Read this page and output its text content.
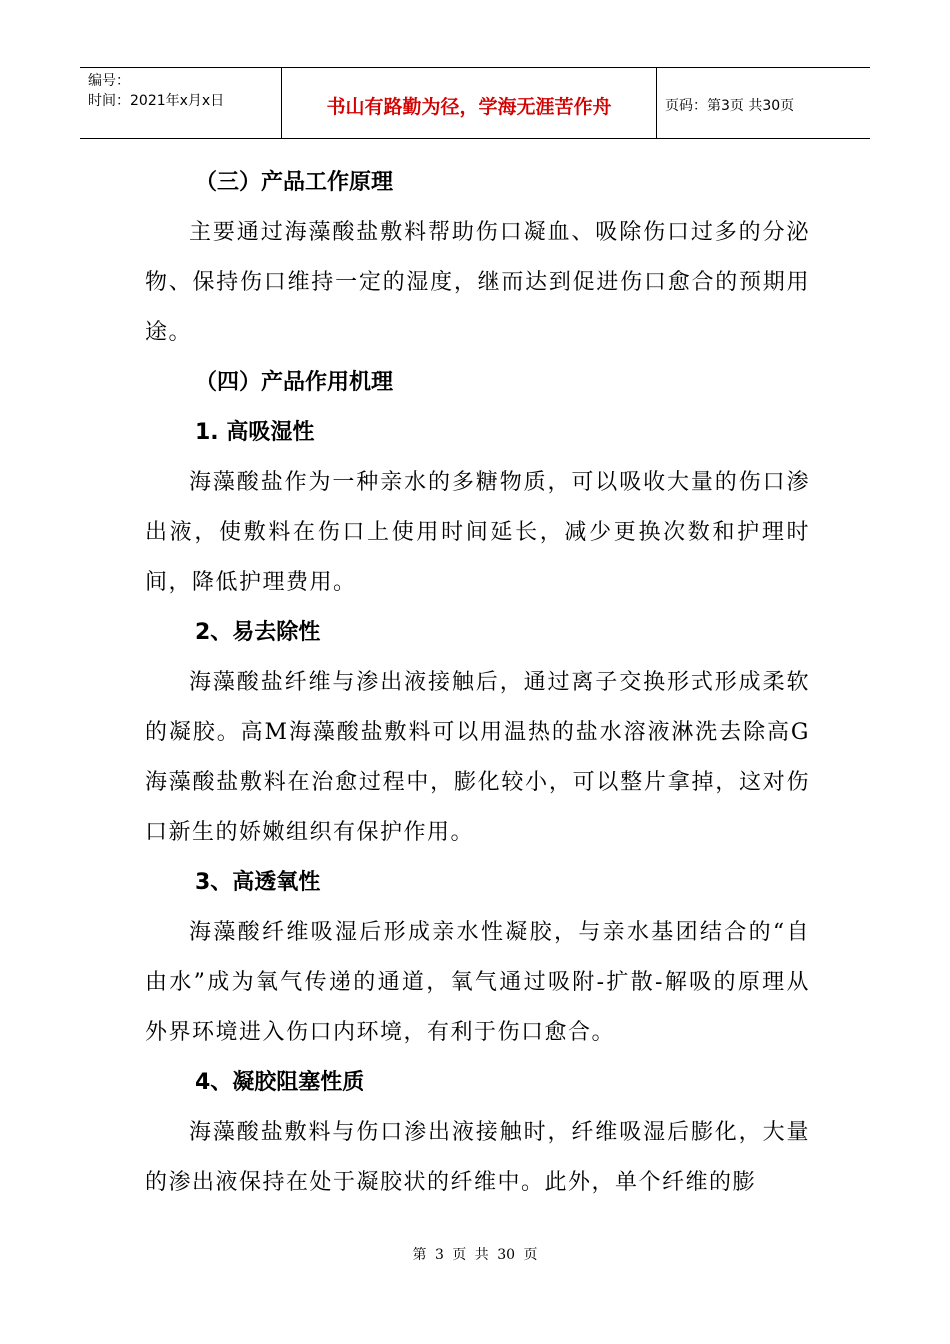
编号：
时间：2021年x月x日	书山有路勤为径，学海无涯苦作舟	页码：第3页 共30页
（三）产品工作原理

主要通过海藻酸盐敷料帮助伤口凝血、吸除伤口过多的分泌物、保持伤口维持一定的湿度，继而达到促进伤口愈合的预期用途。

（四）产品作用机理
1. 高吸湿性

海藻酸盐作为一种亲水的多糖物质，可以吸收大量的伤口渗出液，使敷料在伤口上使用时间延长，减少更换次数和护理时间，降低护理费用。

2、易去除性

海藻酸盐纤维与渗出液接触后，通过离子交换形式形成柔软的凝胶。高M海藻酸盐敷料可以用温热的盐水溶液淋洗去除高G海藻酸盐敷料在治愈过程中，膨化较小，可以整片拿掉，这对伤口新生的娇嫩组织有保护作用。

3、高透氧性

海藻酸纤维吸湿后形成亲水性凝胶，与亲水基团结合的“自由水”成为氧气传递的通道，氧气通过吸附-扩散-解吸的原理从外界环境进入伤口内环境，有利于伤口愈合。

4、凝胶阻塞性质

海藻酸盐敷料与伤口渗出液接触时，纤维吸湿后膨化，大量的渗出液保持在处于凝胶状的纤维中。此外，单个纤维的膨

第 3 页 共 30 页
